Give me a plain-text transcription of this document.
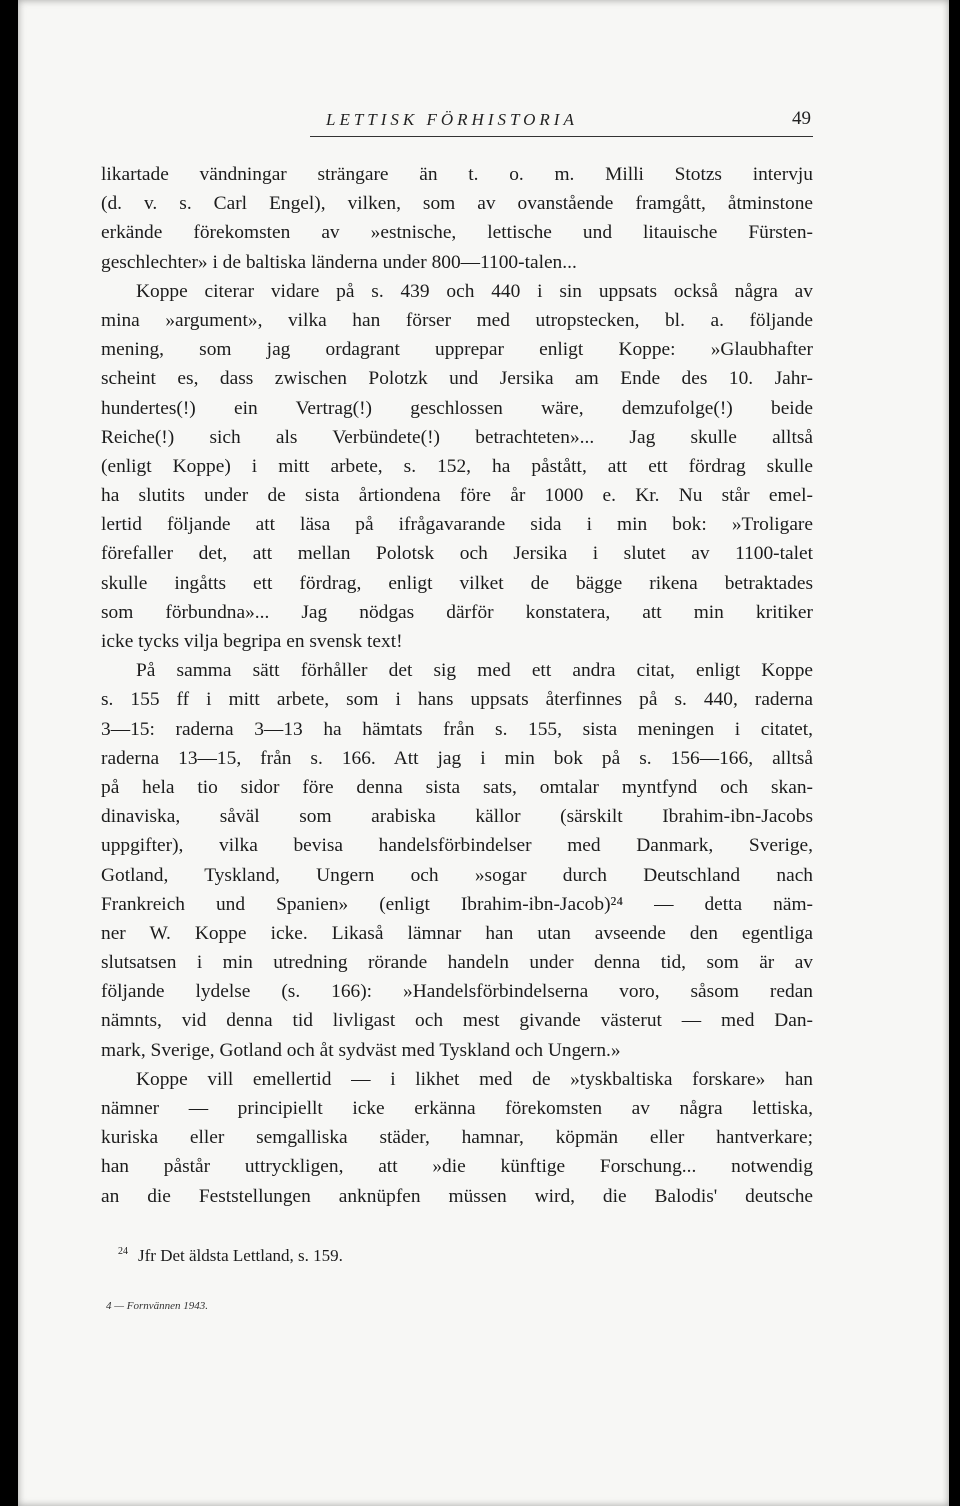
LETTISK FÖRHISTORIA	49
likartade vändningar strängare än t. o. m. Milli Stotzs intervju
(d. v. s. Carl Engel), vilken, som av ovanstående framgått, åtminstone
erkände förekomsten av »estnische, lettische und litauische Fürsten-
geschlechter» i de baltiska länderna under 800—1100-talen...
Koppe citerar vidare på s. 439 och 440 i sin uppsats också några av
mina »argument», vilka han förser med utropstecken, bl. a. följande
mening, som jag ordagrant upprepar enligt Koppe: »Glaubhafter
scheint es, dass zwischen Polotzk und Jersika am Ende des 10. Jahr-
hundertes(!) ein Vertrag(!) geschlossen wäre, demzufolge(!) beide
Reiche(!) sich als Verbündete(!) betrachteten»... Jag skulle alltså
(enligt Koppe) i mitt arbete, s. 152, ha påstått, att ett fördrag skulle
ha slutits under de sista årtiondena före år 1000 e. Kr. Nu står emel-
lertid följande att läsa på ifrågavarande sida i min bok: »Troligare
förefaller det, att mellan Polotsk och Jersika i slutet av 1100-talet
skulle ingåtts ett fördrag, enligt vilket de bägge rikena betraktades
som förbundna»... Jag nödgas därför konstatera, att min kritiker
icke tycks vilja begripa en svensk text!
På samma sätt förhåller det sig med ett andra citat, enligt Koppe
s. 155 ff i mitt arbete, som i hans uppsats återfinnes på s. 440, raderna
3—15: raderna 3—13 ha hämtats från s. 155, sista meningen i citatet,
raderna 13—15, från s. 166. Att jag i min bok på s. 156—166, alltså
på hela tio sidor före denna sista sats, omtalar myntfynd och skan-
dinaviska, såväl som arabiska källor (särskilt Ibrahim-ibn-Jacobs
uppgifter), vilka bevisa handelsförbindelser med Danmark, Sverige,
Gotland, Tyskland, Ungern och »sogar durch Deutschland nach
Frankreich und Spanien» (enligt Ibrahim-ibn-Jacob)²⁴ — detta näm-
ner W. Koppe icke. Likaså lämnar han utan avseende den egentliga
slutsatsen i min utredning rörande handeln under denna tid, som är av
följande lydelse (s. 166): »Handelsförbindelserna voro, såsom redan
nämnts, vid denna tid livligast och mest givande västerut — med Dan-
mark, Sverige, Gotland och åt sydväst med Tyskland och Ungern.»
Koppe vill emellertid — i likhet med de »tyskbaltiska forskare» han
nämner — principiellt icke erkänna förekomsten av några lettiska,
kuriska eller semgalliska städer, hamnar, köpmän eller hantverkare;
han påstår uttryckligen, att »die künftige Forschung... notwendig
an die Feststellungen anknüpfen müssen wird, die Balodis' deutsche
$^{24}$ Jfr Det äldsta Lettland, s. 159.
4 — Fornvännen 1943.
